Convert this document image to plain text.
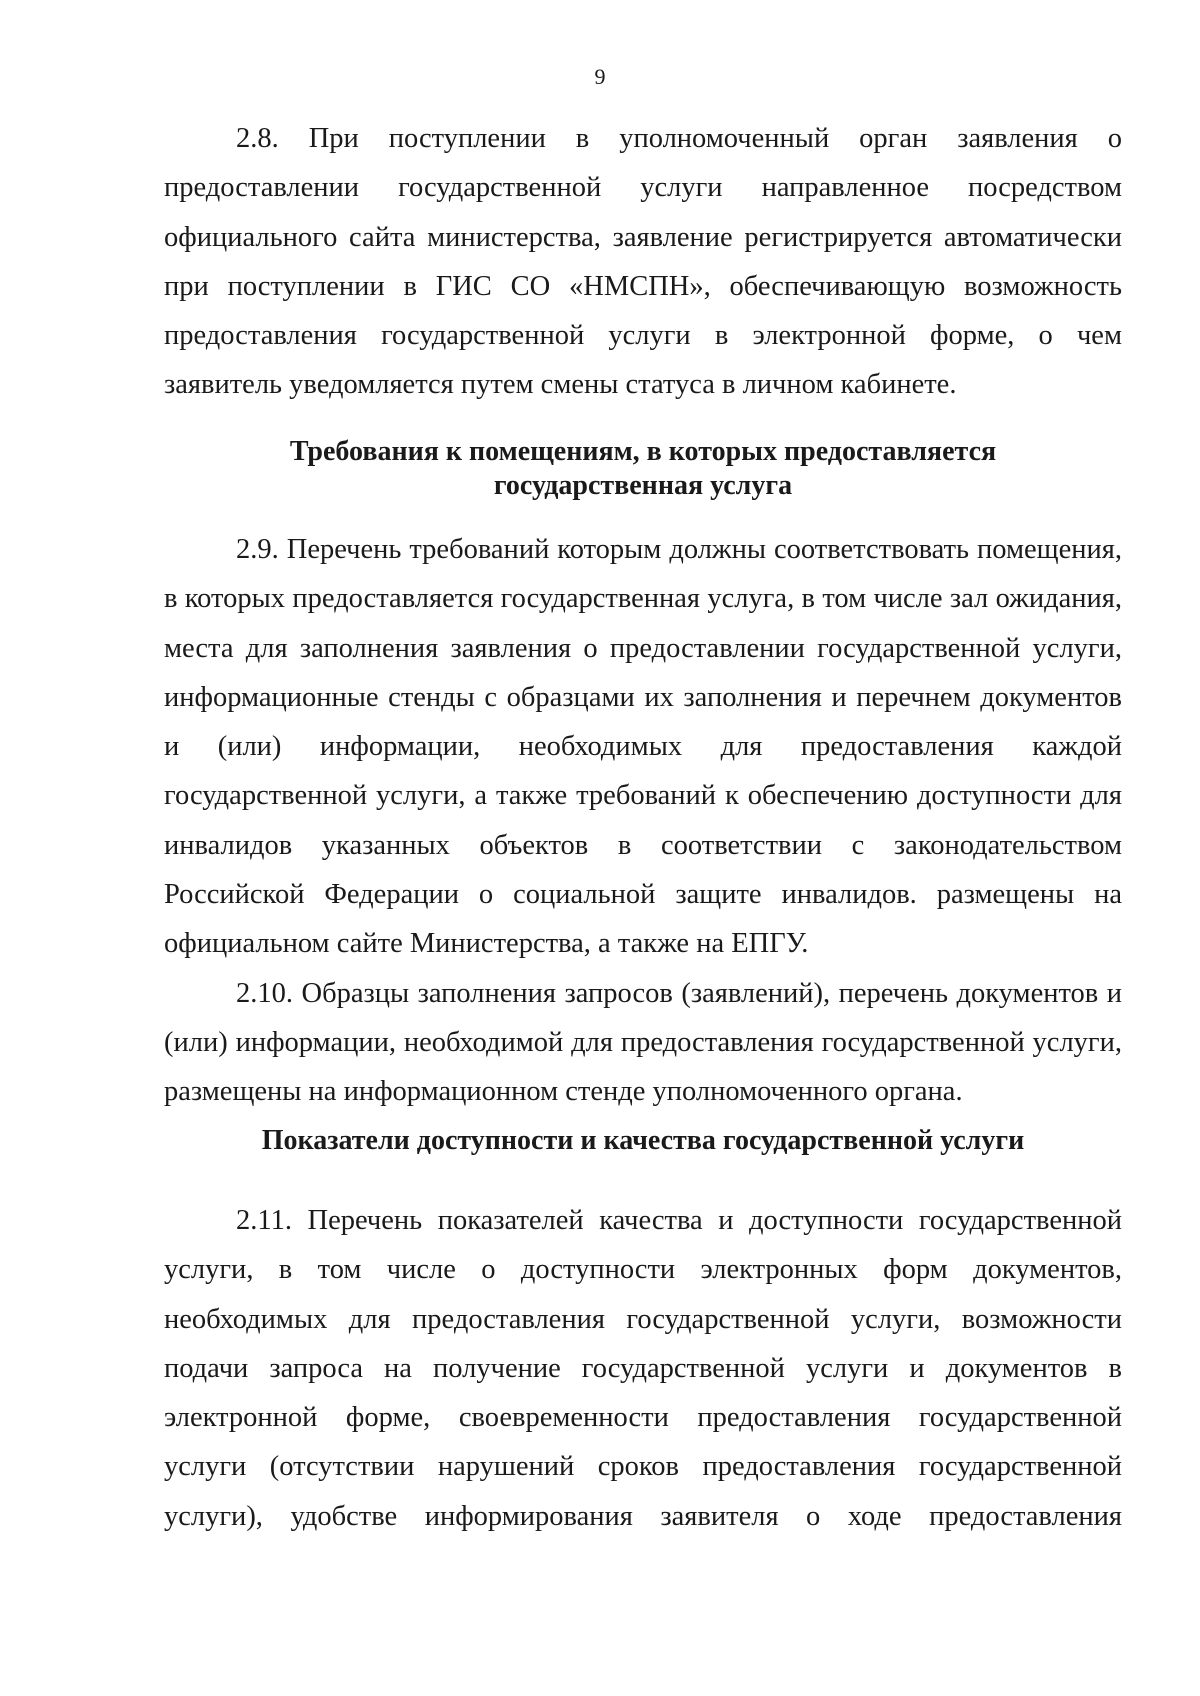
9

2.8. При поступлении в уполномоченный орган заявления о предоставлении государственной услуги направленное посредством официального сайта министерства, заявление регистрируется автоматически при поступлении в ГИС СО «НМСПН», обеспечивающую возможность предоставления государственной услуги в электронной форме, о чем заявитель уведомляется путем смены статуса в личном кабинете.

Требования к помещениям, в которых предоставляется
государственная услуга

2.9. Перечень требований которым должны соответствовать помещения, в которых предоставляется государственная услуга, в том числе зал ожидания, места для заполнения заявления о предоставлении государственной услуги, информационные стенды с образцами их заполнения и перечнем документов и (или) информации, необходимых для предоставления каждой государственной услуги, а также требований к обеспечению доступности для инвалидов указанных объектов в соответствии с законодательством Российской Федерации о социальной защите инвалидов. размещены на официальном сайте Министерства, а также на ЕПГУ.

2.10. Образцы заполнения запросов (заявлений), перечень документов и (или) информации, необходимой для предоставления государственной услуги, размещены на информационном стенде уполномоченного органа.

Показатели доступности и качества государственной услуги

2.11. Перечень показателей качества и доступности государственной услуги, в том числе о доступности электронных форм документов, необходимых для предоставления государственной услуги, возможности подачи запроса на получение государственной услуги и документов в электронной форме, своевременности предоставления государственной услуги (отсутствии нарушений сроков предоставления государственной услуги), удобстве информирования заявителя о ходе предоставления
